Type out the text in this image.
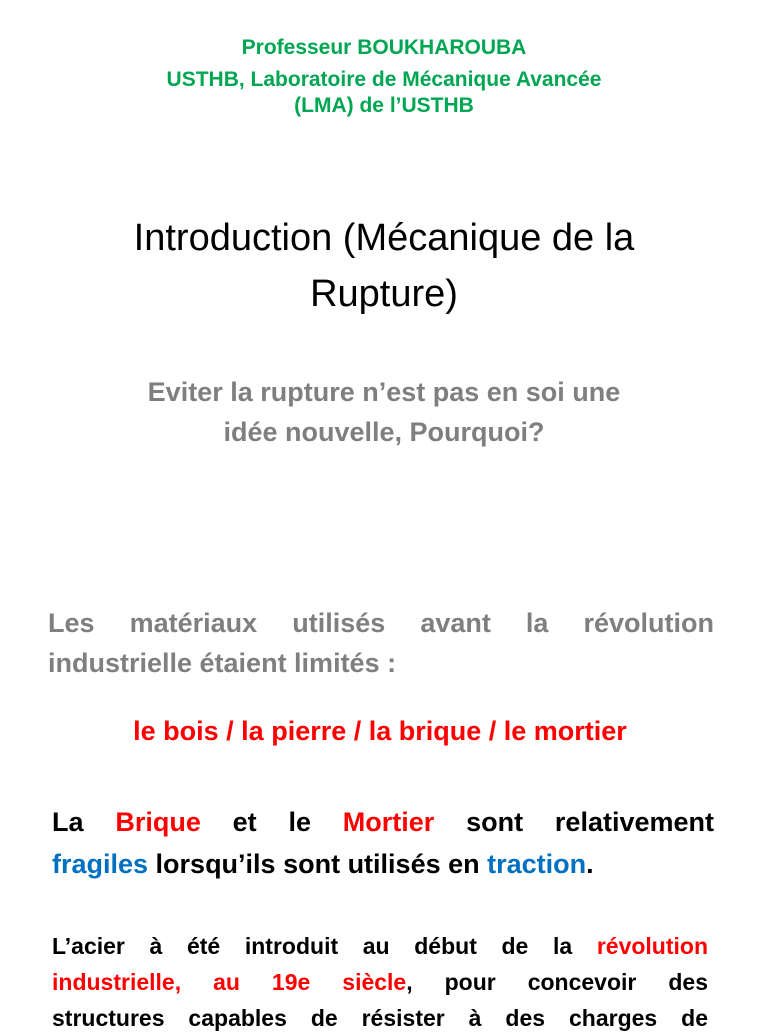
Professeur BOUKHAROUBA
USTHB, Laboratoire de Mécanique Avancée
(LMA) de l’USTHB
Introduction (Mécanique de la
Rupture)
Eviter la rupture n’est pas en soi une
idée nouvelle, Pourquoi?
Les matériaux utilisés avant la révolution
industrielle étaient limités :
le bois / la pierre / la brique / le mortier
La Brique et le Mortier sont relativement
fragiles lorsqu’ils sont utilisés en traction.
L’acier à été introduit au début de la révolution
industrielle, au 19e siècle, pour concevoir des
structures capables de résister à des charges de
